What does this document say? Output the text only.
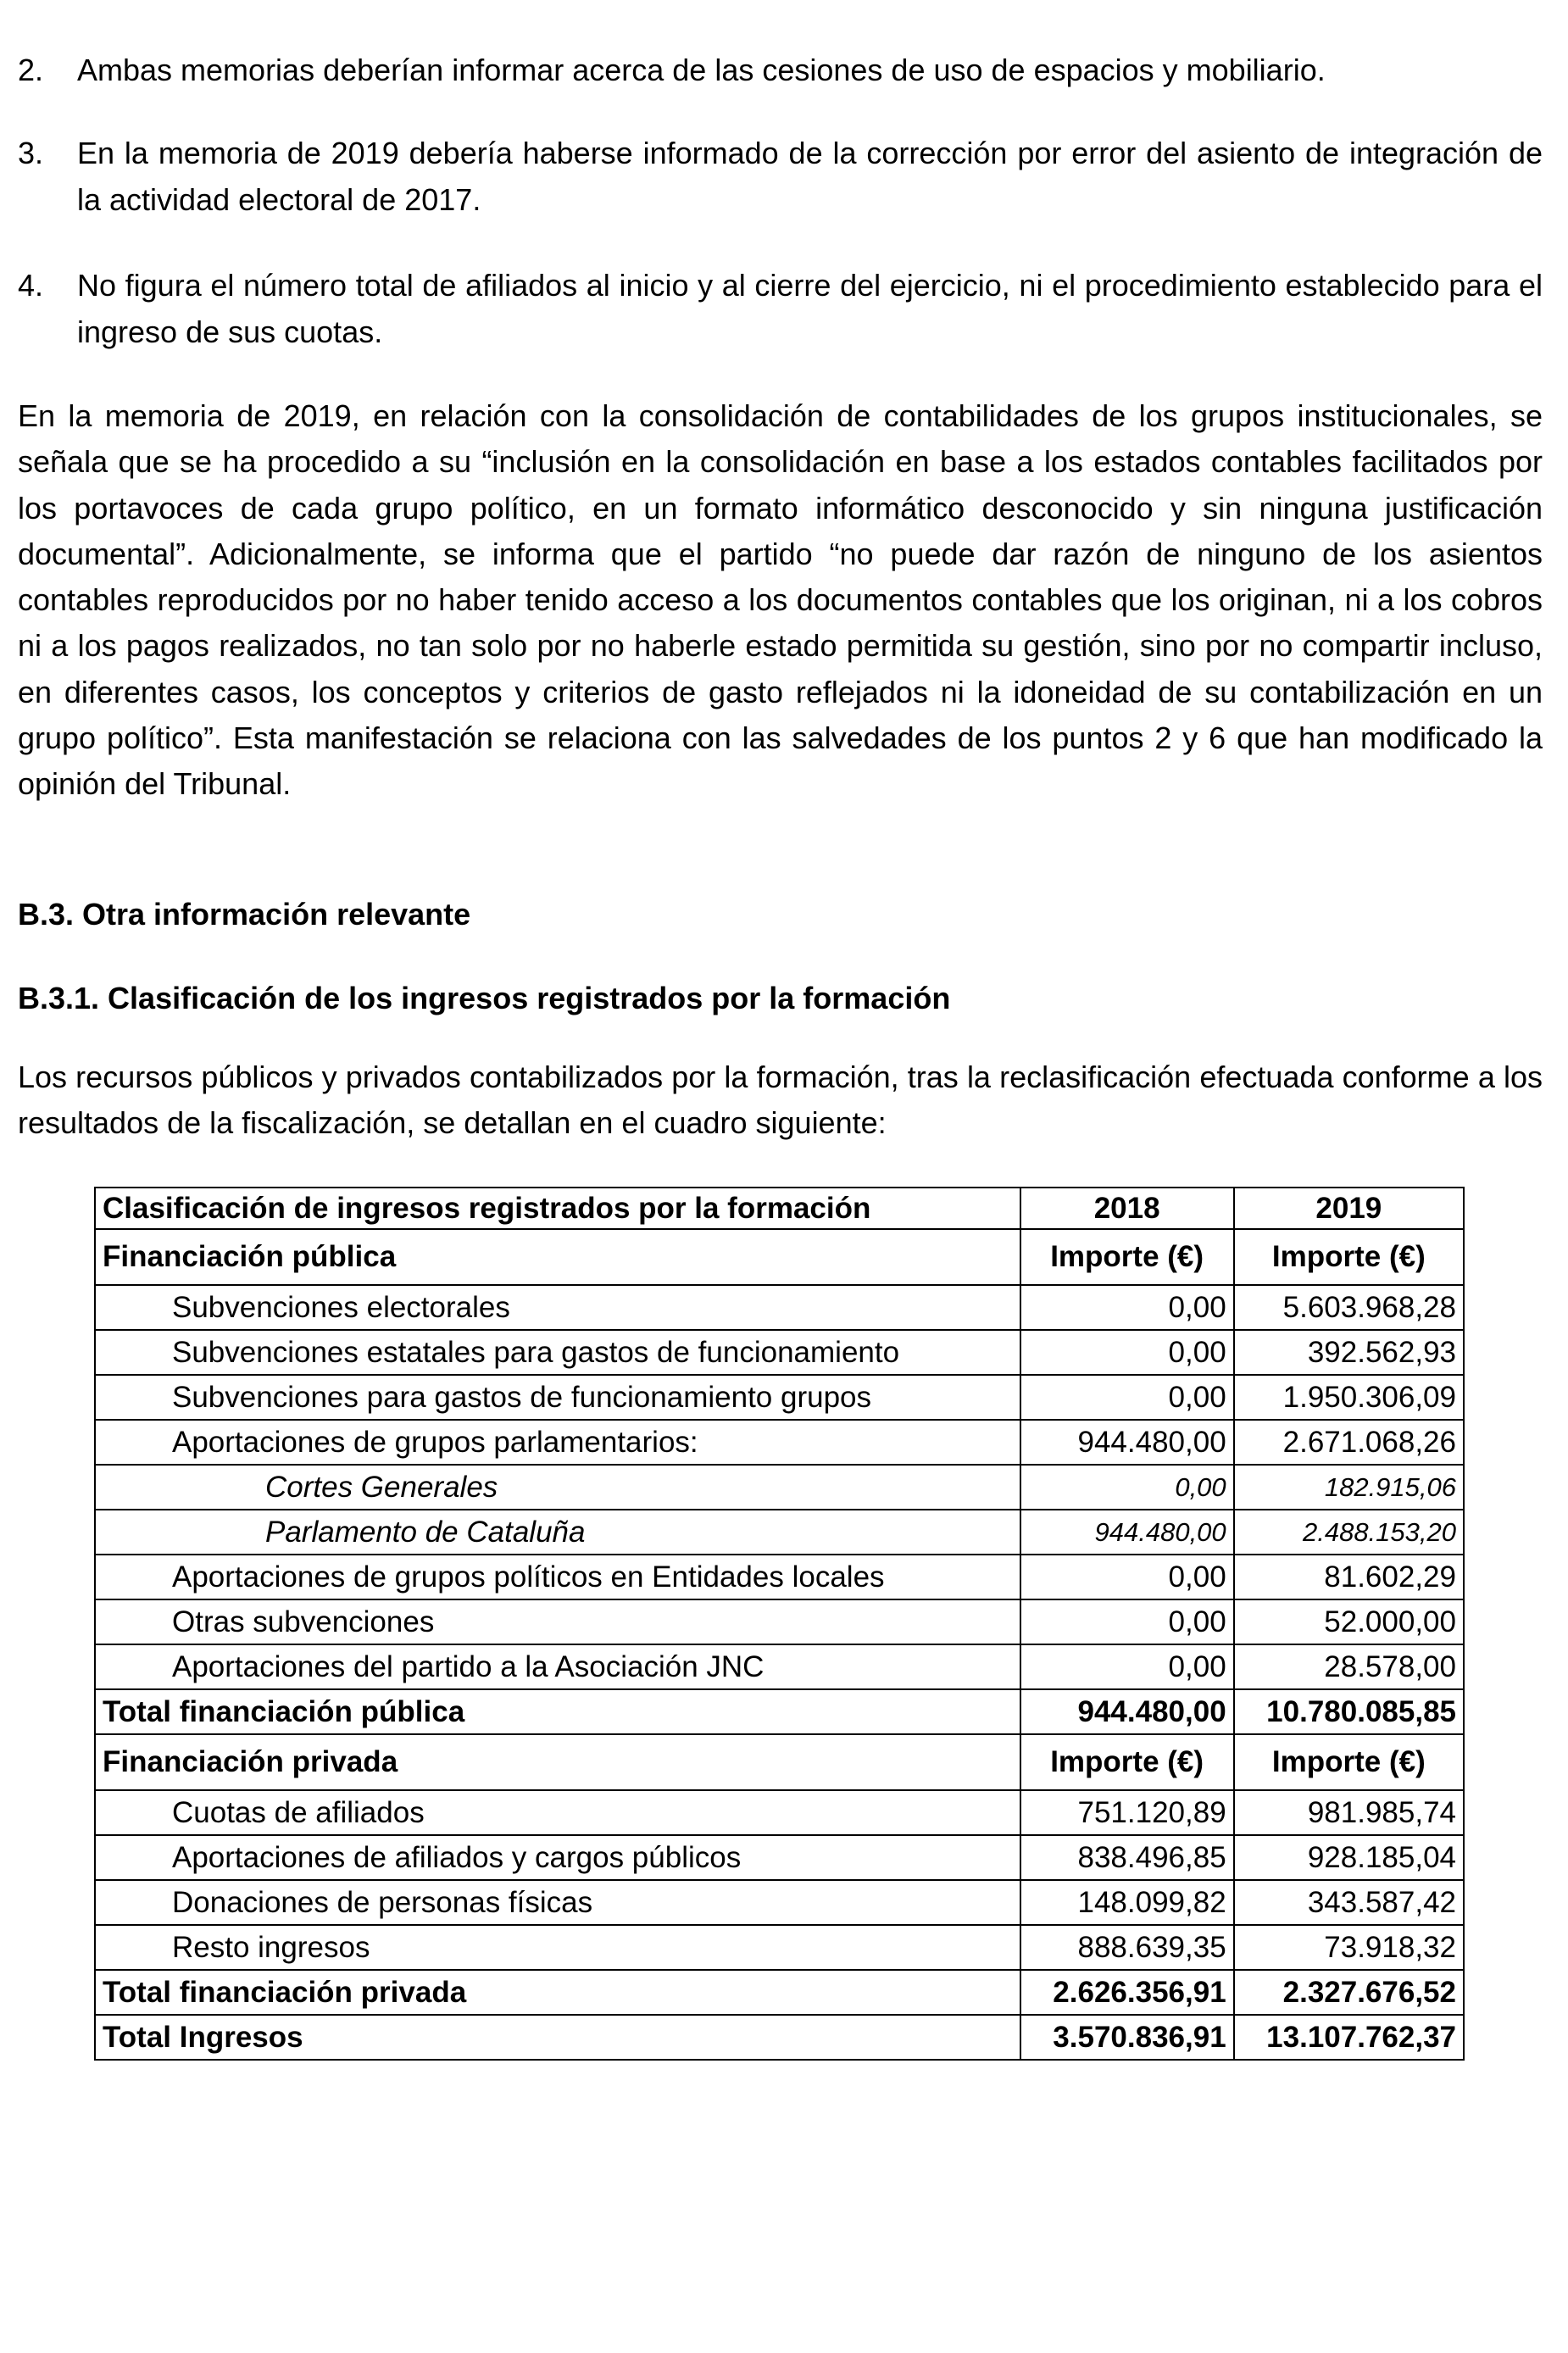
2. Ambas memorias deberían informar acerca de las cesiones de uso de espacios y mobiliario.
3. En la memoria de 2019 debería haberse informado de la corrección por error del asiento de integración de la actividad electoral de 2017.
4. No figura el número total de afiliados al inicio y al cierre del ejercicio, ni el procedimiento establecido para el ingreso de sus cuotas.
En la memoria de 2019, en relación con la consolidación de contabilidades de los grupos institucionales, se señala que se ha procedido a su “inclusión en la consolidación en base a los estados contables facilitados por los portavoces de cada grupo político, en un formato informático desconocido y sin ninguna justificación documental”. Adicionalmente, se informa que el partido “no puede dar razón de ninguno de los asientos contables reproducidos por no haber tenido acceso a los documentos contables que los originan, ni a los cobros ni a los pagos realizados, no tan solo por no haberle estado permitida su gestión, sino por no compartir incluso, en diferentes casos, los conceptos y criterios de gasto reflejados ni la idoneidad de su contabilización en un grupo político”. Esta manifestación se relaciona con las salvedades de los puntos 2 y 6 que han modificado la opinión del Tribunal.
B.3. Otra información relevante
B.3.1. Clasificación de los ingresos registrados por la formación
Los recursos públicos y privados contabilizados por la formación, tras la reclasificación efectuada conforme a los resultados de la fiscalización, se detallan en el cuadro siguiente:
Clasificación de ingresos registrados por la formación	2018	2019
Financiación pública	Importe (€)	Importe (€)
Subvenciones electorales	0,00	5.603.968,28
Subvenciones estatales para gastos de funcionamiento	0,00	392.562,93
Subvenciones para gastos de funcionamiento grupos	0,00	1.950.306,09
Aportaciones de grupos parlamentarios:	944.480,00	2.671.068,26
Cortes Generales	0,00	182.915,06
Parlamento de Cataluña	944.480,00	2.488.153,20
Aportaciones de grupos políticos en Entidades locales	0,00	81.602,29
Otras subvenciones	0,00	52.000,00
Aportaciones del partido a la Asociación JNC	0,00	28.578,00
Total financiación pública	944.480,00	10.780.085,85
Financiación privada	Importe (€)	Importe (€)
Cuotas de afiliados	751.120,89	981.985,74
Aportaciones de afiliados y cargos públicos	838.496,85	928.185,04
Donaciones de personas físicas	148.099,82	343.587,42
Resto ingresos	888.639,35	73.918,32
Total financiación privada	2.626.356,91	2.327.676,52
Total Ingresos	3.570.836,91	13.107.762,37
